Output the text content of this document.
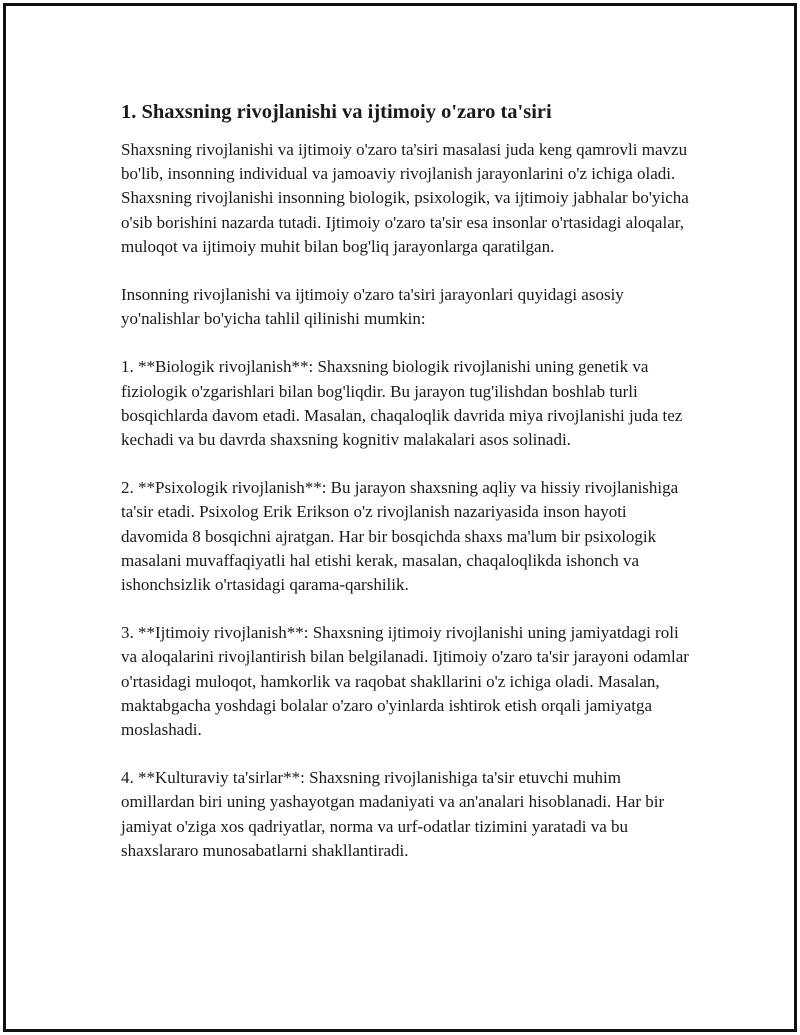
1. Shaxsning rivojlanishi va ijtimoiy o'zaro ta'siri

Shaxsning rivojlanishi va ijtimoiy o'zaro ta'siri masalasi juda keng qamrovli mavzu bo'lib, insonning individual va jamoaviy rivojlanish jarayonlarini o'z ichiga oladi. Shaxsning rivojlanishi insonning biologik, psixologik, va ijtimoiy jabhalar bo'yicha o'sib borishini nazarda tutadi. Ijtimoiy o'zaro ta'sir esa insonlar o'rtasidagi aloqalar, muloqot va ijtimoiy muhit bilan bog'liq jarayonlarga qaratilgan.

Insonning rivojlanishi va ijtimoiy o'zaro ta'siri jarayonlari quyidagi asosiy yo'nalishlar bo'yicha tahlil qilinishi mumkin:

1. **Biologik rivojlanish**: Shaxsning biologik rivojlanishi uning genetik va fiziologik o'zgarishlari bilan bog'liqdir. Bu jarayon tug'ilishdan boshlab turli bosqichlarda davom etadi. Masalan, chaqaloqlik davrida miya rivojlanishi juda tez kechadi va bu davrda shaxsning kognitiv malakalari asos solinadi.

2. **Psixologik rivojlanish**: Bu jarayon shaxsning aqliy va hissiy rivojlanishiga ta'sir etadi. Psixolog Erik Erikson o'z rivojlanish nazariyasida inson hayoti davomida 8 bosqichni ajratgan. Har bir bosqichda shaxs ma'lum bir psixologik masalani muvaffaqiyatli hal etishi kerak, masalan, chaqaloqlikda ishonch va ishonchsizlik o'rtasidagi qarama-qarshilik.

3. **Ijtimoiy rivojlanish**: Shaxsning ijtimoiy rivojlanishi uning jamiyatdagi roli va aloqalarini rivojlantirish bilan belgilanadi. Ijtimoiy o'zaro ta'sir jarayoni odamlar o'rtasidagi muloqot, hamkorlik va raqobat shakllarini o'z ichiga oladi. Masalan, maktabgacha yoshdagi bolalar o'zaro o'yinlarda ishtirok etish orqali jamiyatga moslashadi.

4. **Kulturaviy ta'sirlar**: Shaxsning rivojlanishiga ta'sir etuvchi muhim omillardan biri uning yashayotgan madaniyati va an'analari hisoblanadi. Har bir jamiyat o'ziga xos qadriyatlar, norma va urf-odatlar tizimini yaratadi va bu shaxslararo munosabatlarni shakllantiradi.
